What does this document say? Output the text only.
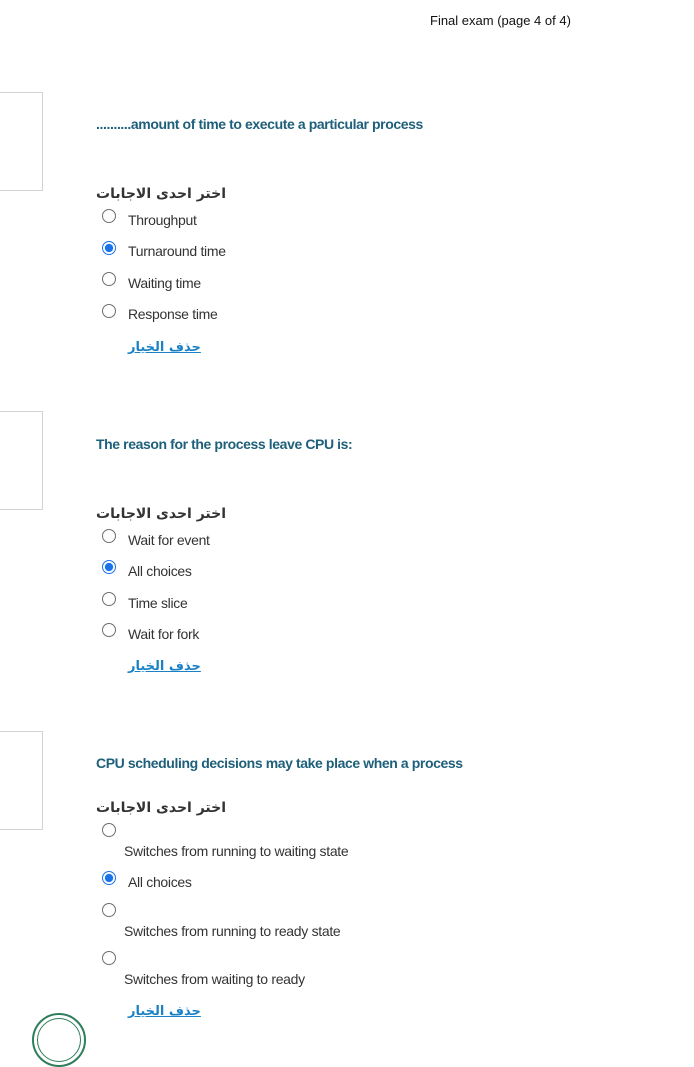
Final exam (page 4 of 4)
..........amount of time to execute a particular process
اختر احدى الاجابات
Throughput
Turnaround time
Waiting time
Response time
حذف الخيار
The reason for the process leave CPU is:
اختر احدى الاجابات
Wait for event
All choices
Time slice
Wait for fork
حذف الخيار
CPU scheduling decisions may take place when a process
اختر احدى الاجابات
Switches from running to waiting state
All choices
Switches from running to ready state
Switches from waiting to ready
حذف الخيار
